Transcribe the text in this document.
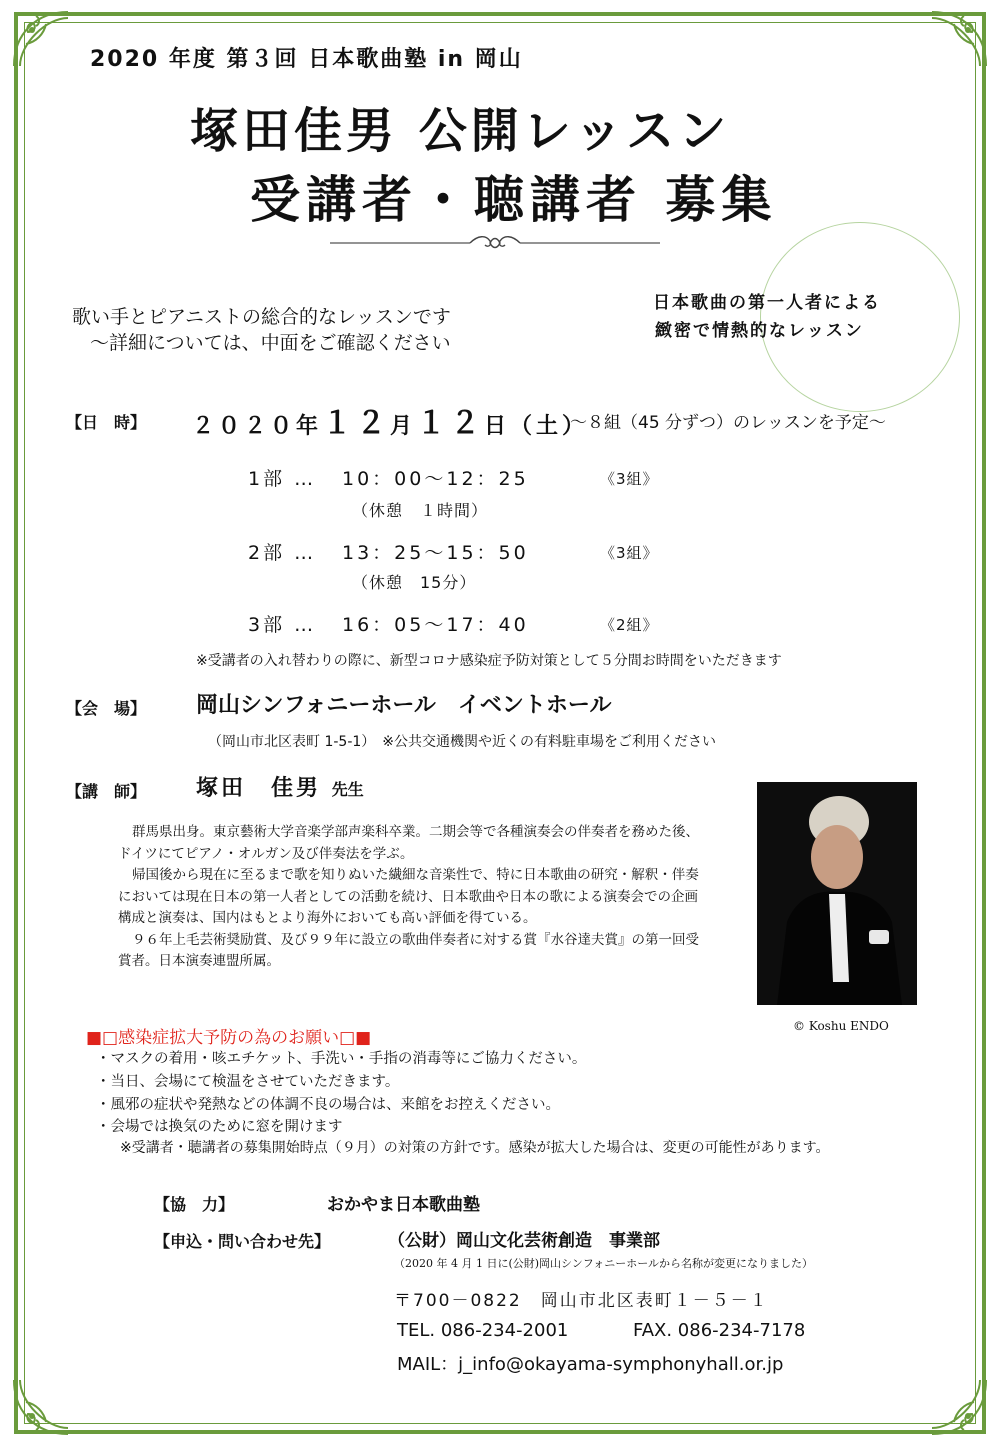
2020 年度 第３回 日本歌曲塾 in 岡山
塚田佳男 公開レッスン
受講者・聴講者 募集
日本歌曲の第一人者による
緻密で情熱的なレッスン
歌い手とピアニストの総合的なレッスンです
〜詳細については、中面をご確認ください
【日　時】 ２０２０年１２月１２日（土）
〜８組（45 分ずつ）のレッスンを予定〜
1部 … 10：00〜12：25	《3組》
（休憩　１時間）
2部 … 13：25〜15：50	《3組》
（休憩　15分）
3部 … 16：05〜17：40	《2組》
※受講者の入れ替わりの際に、新型コロナ感染症予防対策として５分間お時間をいただきます
【会　場】 岡山シンフォニーホール　イベントホール
（岡山市北区表町 1-5-1）　※公共交通機関や近くの有料駐車場をご利用ください
【講　師】 塚田　佳男 先生

群馬県出身。東京藝術大学音楽学部声楽科卒業。二期会等で各種演奏会の伴奏者を務めた後、ドイツにてピアノ・オルガン及び伴奏法を学ぶ。

帰国後から現在に至るまで歌を知りぬいた繊細な音楽性で、特に日本歌曲の研究・解釈・伴奏においては現在日本の第一人者としての活動を続け、日本歌曲や日本の歌による演奏会での企画構成と演奏は、国内はもとより海外においても高い評価を得ている。

９６年上毛芸術奨励賞、及び９９年に設立の歌曲伴奏者に対する賞『水谷達夫賞』の第一回受賞者。日本演奏連盟所属。

© Koshu ENDO
■□感染症拡大予防の為のお願い□■
・マスクの着用・咳エチケット、手洗い・手指の消毒等にご協力ください。
・当日、会場にて検温をさせていただきます。
・風邪の症状や発熱などの体調不良の場合は、来館をお控えください。
・会場では換気のために窓を開けます
※受講者・聴講者の募集開始時点（９月）の対策の方針です。感染が拡大した場合は、変更の可能性があります。
【協　力】	おかやま日本歌曲塾
【申込・問い合わせ先】	（公財）岡山文化芸術創造　事業部
（2020 年 4 月 1 日に(公財)岡山シンフォニーホールから名称が変更になりました）
〒700－0822　岡山市北区表町１－５－１
TEL. 086-234-2001	FAX. 086-234-7178
MAIL：j_info@okayama-symphonyhall.or.jp
